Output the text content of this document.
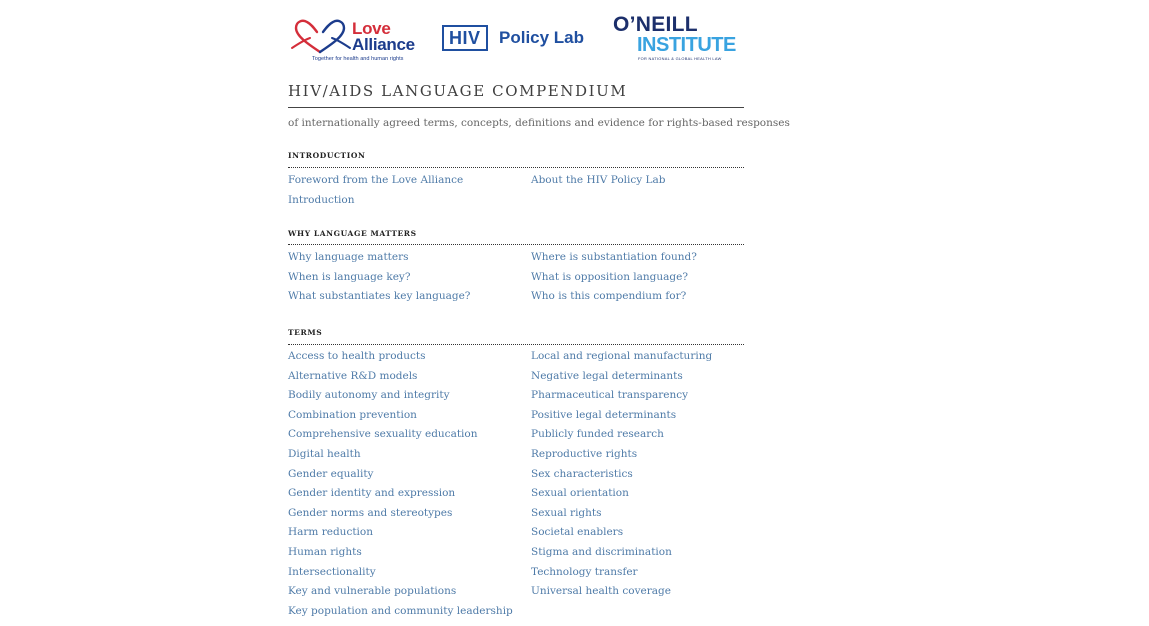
Love
Alliance
Together for health and human rights
HIV	Policy Lab
O’NEILL
INSTITUTE
FOR NATIONAL & GLOBAL HEALTH LAW
HIV/AIDS LANGUAGE COMPENDIUM
of internationally agreed terms, concepts, definitions and evidence for rights-based responses
INTRODUCTION
Foreword from the Love Alliance
Introduction
About the HIV Policy Lab
WHY LANGUAGE MATTERS
Why language matters
When is language key?
What substantiates key language?
Where is substantiation found?
What is opposition language?
Who is this compendium for?
TERMS
Access to health products
Alternative R&D models
Bodily autonomy and integrity
Combination prevention
Comprehensive sexuality education
Digital health
Gender equality
Gender identity and expression
Gender norms and stereotypes
Harm reduction
Human rights
Intersectionality
Key and vulnerable populations
Key population and community leadership
Local and regional manufacturing
Negative legal determinants
Pharmaceutical transparency
Positive legal determinants
Publicly funded research
Reproductive rights
Sex characteristics
Sexual orientation
Sexual rights
Societal enablers
Stigma and discrimination
Technology transfer
Universal health coverage
